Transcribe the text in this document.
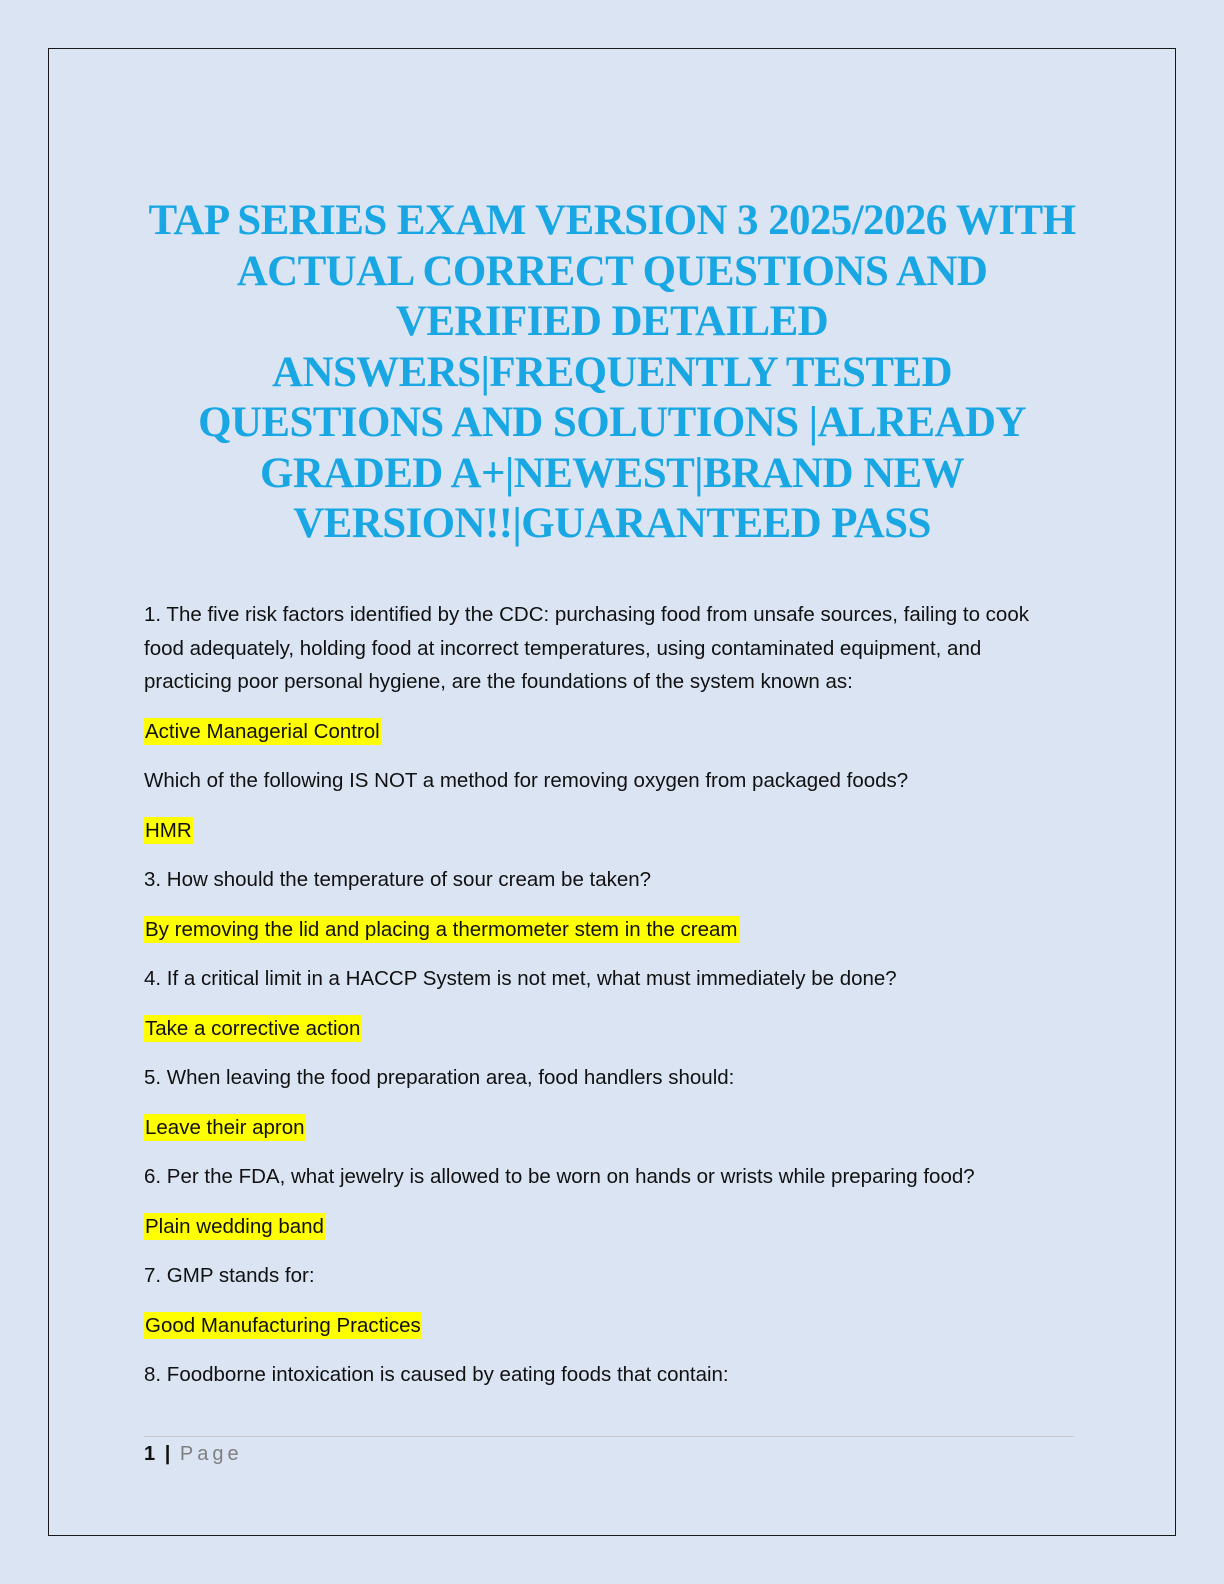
TAP SERIES EXAM VERSION 3 2025/2026 WITH
ACTUAL CORRECT QUESTIONS AND
VERIFIED DETAILED
ANSWERS|FREQUENTLY TESTED
QUESTIONS AND SOLUTIONS |ALREADY
GRADED A+|NEWEST|BRAND NEW
VERSION!!|GUARANTEED PASS

1. The five risk factors identified by the CDC: purchasing food from unsafe sources, failing to cook food adequately, holding food at incorrect temperatures, using contaminated equipment, and practicing poor personal hygiene, are the foundations of the system known as:

Active Managerial Control

Which of the following IS NOT a method for removing oxygen from packaged foods?

HMR

3. How should the temperature of sour cream be taken?

By removing the lid and placing a thermometer stem in the cream

4. If a critical limit in a HACCP System is not met, what must immediately be done?

Take a corrective action

5. When leaving the food preparation area, food handlers should:

Leave their apron

6. Per the FDA, what jewelry is allowed to be worn on hands or wrists while preparing food?

Plain wedding band

7. GMP stands for:

Good Manufacturing Practices

8. Foodborne intoxication is caused by eating foods that contain:

1 | Page
